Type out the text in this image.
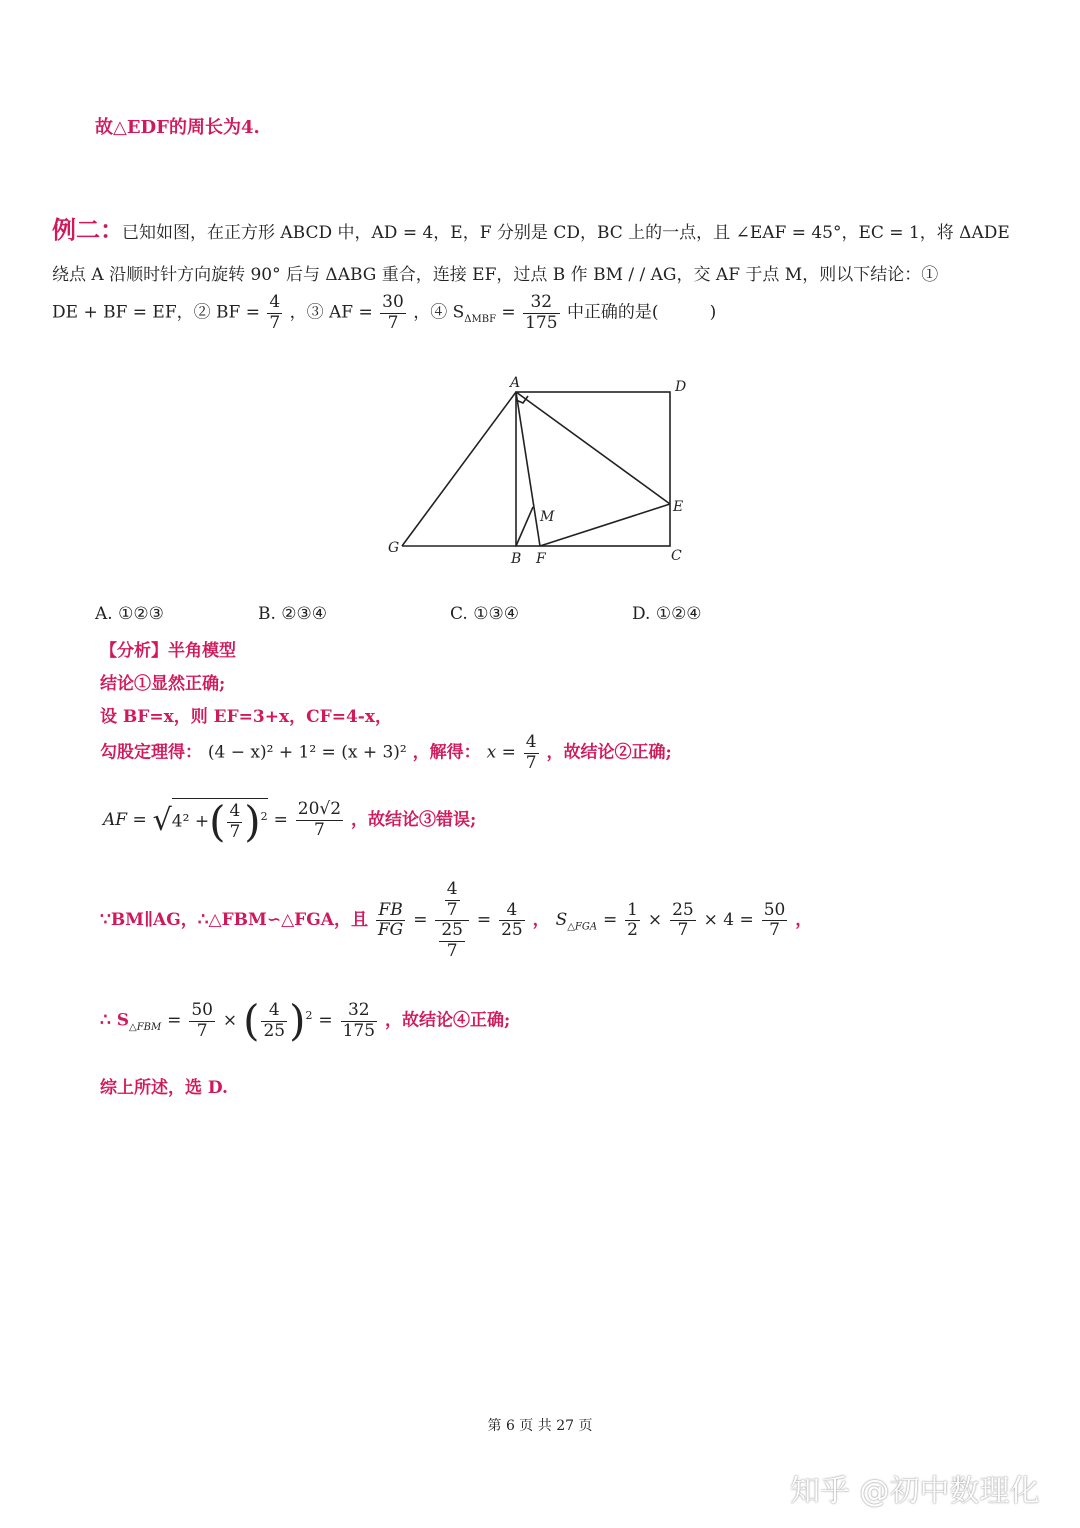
故△EDF的周长为4.
例二：
已知如图，在正方形 ABCD 中，AD = 4，E，F 分别是 CD，BC 上的一点，且 ∠EAF = 45°，EC = 1，将 ΔADE
绕点 A 沿顺时针方向旋转 90° 后与 ΔABG 重合，连接 EF，过点 B 作 BM / / AG，交 AF 于点 M，则以下结论：①
DE + BF = EF，② BF = $\frac{4}{7}$ ，③ AF = $\frac{30}{7}$ ，④ $S_{\Delta MBF} = \frac{32}{175}$ 中正确的是(　　　)
A	D
E
M
G
B F	C
A. ①②③	B. ②③④	C. ①③④	D. ①②④
【分析】半角模型
结论①显然正确;
设 BF=x，则 EF=3+x，CF=4-x，
勾股定理得： (4 − x)² + 1² = (x + 3)² ，解得： $x = \frac{4}{7}$ ，故结论②正确;
AF = √4² +( $\frac{4}{7} )^2 = \frac{20√2}{7}$ ，故结论③错误;
∵BM∥AG，∴△FBM∽△FGA，且 $\frac{FB}{FG} = \frac{\frac{4}{7}}{\frac{25}{7}} = \frac{4}{25}$ ， $S_{\triangle FGA} = \frac{1}{2} \times \frac{25}{7} \times 4 = \frac{50}{7}$ ，
∴ $S_{\triangle FBM} = \frac{50}{7}$ × ( $\frac{4}{25} )^2 = \frac{32}{175}$ ，故结论④正确;
综上所述，选 D.
第 6 页 共 27 页
知乎 @初中数理化
